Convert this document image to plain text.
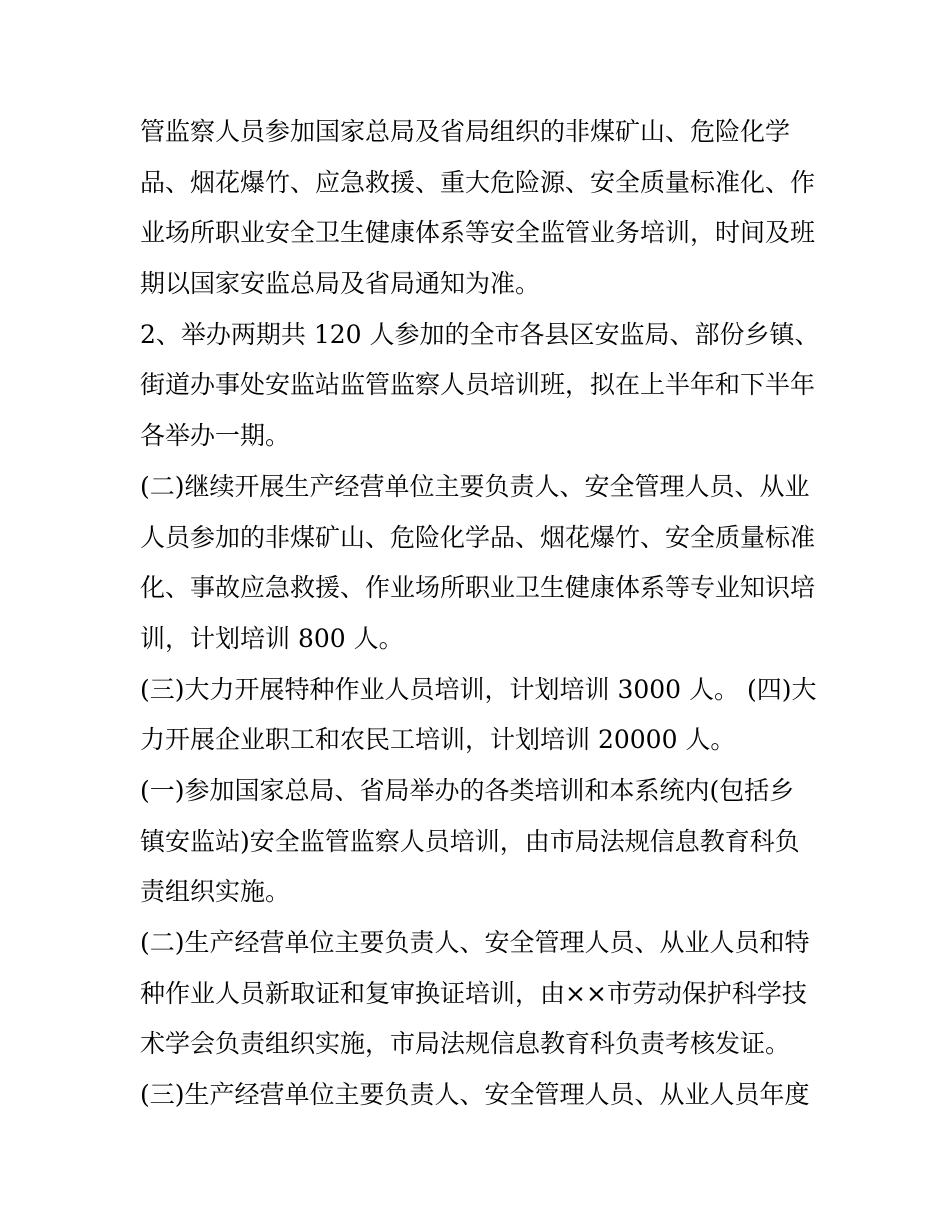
管监察人员参加国家总局及省局组织的非煤矿山、危险化学
品、烟花爆竹、应急救援、重大危险源、安全质量标准化、作
业场所职业安全卫生健康体系等安全监管业务培训，时间及班
期以国家安监总局及省局通知为准。
2、举办两期共 120 人参加的全市各县区安监局、部份乡镇、
街道办事处安监站监管监察人员培训班，拟在上半年和下半年
各举办一期。
(二)继续开展生产经营单位主要负责人、安全管理人员、从业
人员参加的非煤矿山、危险化学品、烟花爆竹、安全质量标准
化、事故应急救援、作业场所职业卫生健康体系等专业知识培
训，计划培训 800 人。
(三)大力开展特种作业人员培训，计划培训 3000 人。 (四)大
力开展企业职工和农民工培训，计划培训 20000 人。
(一)参加国家总局、省局举办的各类培训和本系统内(包括乡
镇安监站)安全监管监察人员培训，由市局法规信息教育科负
责组织实施。
(二)生产经营单位主要负责人、安全管理人员、从业人员和特
种作业人员新取证和复审换证培训，由××市劳动保护科学技
术学会负责组织实施，市局法规信息教育科负责考核发证。
(三)生产经营单位主要负责人、安全管理人员、从业人员年度
